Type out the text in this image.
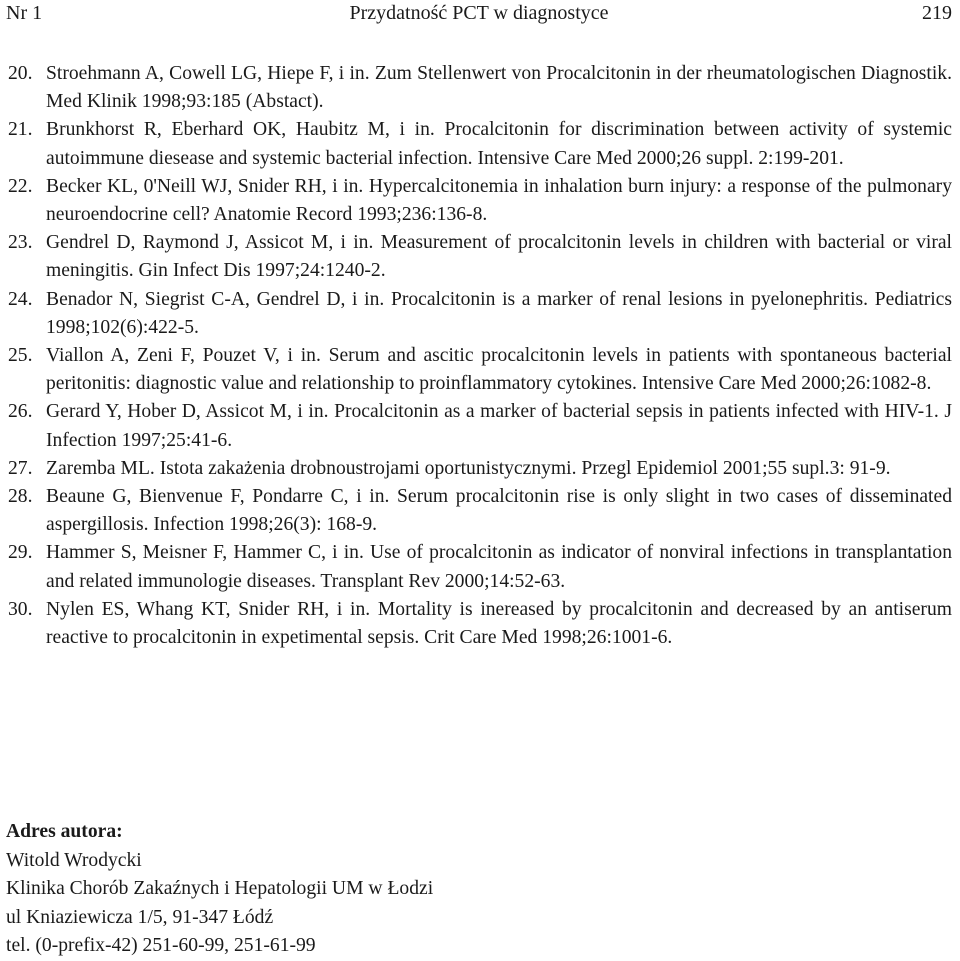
Nr 1	Przydatność PCT w diagnostyce	219
20. Stroehmann A, Cowell LG, Hiepe F, i in. Zum Stellenwert von Procalcitonin in der rheumatologischen Diagnostik. Med Klinik 1998;93:185 (Abstact).
21. Brunkhorst R, Eberhard OK, Haubitz M, i in. Procalcitonin for discrimination between activity of systemic autoimmune diesease and systemic bacterial infection. Intensive Care Med 2000;26 suppl. 2:199-201.
22. Becker KL, 0'Neill WJ, Snider RH, i in. Hypercalcitonemia in inhalation burn injury: a response of the pulmonary neuroendocrine cell? Anatomie Record 1993;236:136-8.
23. Gendrel D, Raymond J, Assicot M, i in. Measurement of procalcitonin levels in children with bacterial or viral meningitis. Gin Infect Dis 1997;24:1240-2.
24. Benador N, Siegrist C-A, Gendrel D, i in. Procalcitonin is a marker of renal lesions in pyelonephritis. Pediatrics 1998;102(6):422-5.
25. Viallon A, Zeni F, Pouzet V, i in. Serum and ascitic procalcitonin levels in patients with spontaneous bacterial peritonitis: diagnostic value and relationship to proinflammatory cytokines. Intensive Care Med 2000;26:1082-8.
26. Gerard Y, Hober D, Assicot M, i in. Procalcitonin as a marker of bacterial sepsis in patients infected with HIV-1. J Infection 1997;25:41-6.
27. Zaremba ML. Istota zakażenia drobnoustrojami oportunistycznymi. Przegl Epidemiol 2001;55 supl.3: 91-9.
28. Beaune G, Bienvenue F, Pondarre C, i in. Serum procalcitonin rise is only slight in two cases of disseminated aspergillosis. Infection 1998;26(3): 168-9.
29. Hammer S, Meisner F, Hammer C, i in. Use of procalcitonin as indicator of nonviral infections in transplantation and related immunologie diseases. Transplant Rev 2000;14:52-63.
30. Nylen ES, Whang KT, Snider RH, i in. Mortality is inereased by procalcitonin and decreased by an antiserum reactive to procalcitonin in expetimental sepsis. Crit Care Med 1998;26:1001-6.
Adres autora:
Witold Wrodycki
Klinika Chorób Zakaźnych i Hepatologii UM w Łodzi
ul Kniaziewicza 1/5, 91-347 Łódź
tel. (0-prefix-42) 251-60-99, 251-61-99
